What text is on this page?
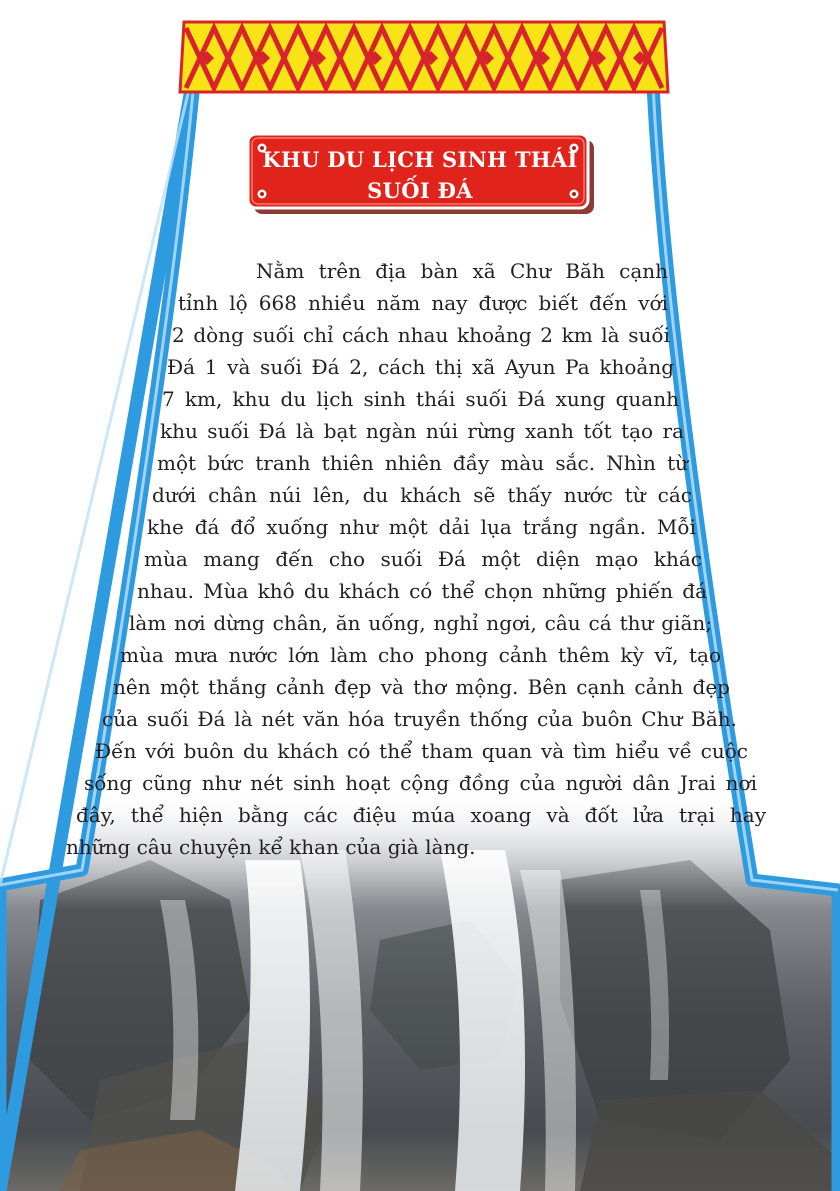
KHU DU LỊCH SINH THÁI
SUỐI ĐÁ
Nằm trên địa bàn xã Chư Băh cạnh
tỉnh lộ 668 nhiều năm nay được biết đến với
2 dòng suối chỉ cách nhau khoảng 2 km là suối
Đá 1 và suối Đá 2, cách thị xã Ayun Pa khoảng
7 km, khu du lịch sinh thái suối Đá xung quanh
khu suối Đá là bạt ngàn núi rừng xanh tốt tạo ra
một bức tranh thiên nhiên đầy màu sắc. Nhìn từ
dưới chân núi lên, du khách sẽ thấy nước từ các
khe đá đổ xuống như một dải lụa trắng ngần. Mỗi
mùa mang đến cho suối Đá một diện mạo khác
nhau. Mùa khô du khách có thể chọn những phiến đá
làm nơi dừng chân, ăn uống, nghỉ ngơi, câu cá thư giãn;
mùa mưa nước lớn làm cho phong cảnh thêm kỳ vĩ, tạo
nên một thắng cảnh đẹp và thơ mộng. Bên cạnh cảnh đẹp
của suối Đá là nét văn hóa truyền thống của buôn Chư Băh.
Đến với buôn du khách có thể tham quan và tìm hiểu về cuộc
sống cũng như nét sinh hoạt cộng đồng của người dân Jrai nơi
đây, thể hiện bằng các điệu múa xoang và đốt lửa trại hay
những câu chuyện kể khan của già làng.
